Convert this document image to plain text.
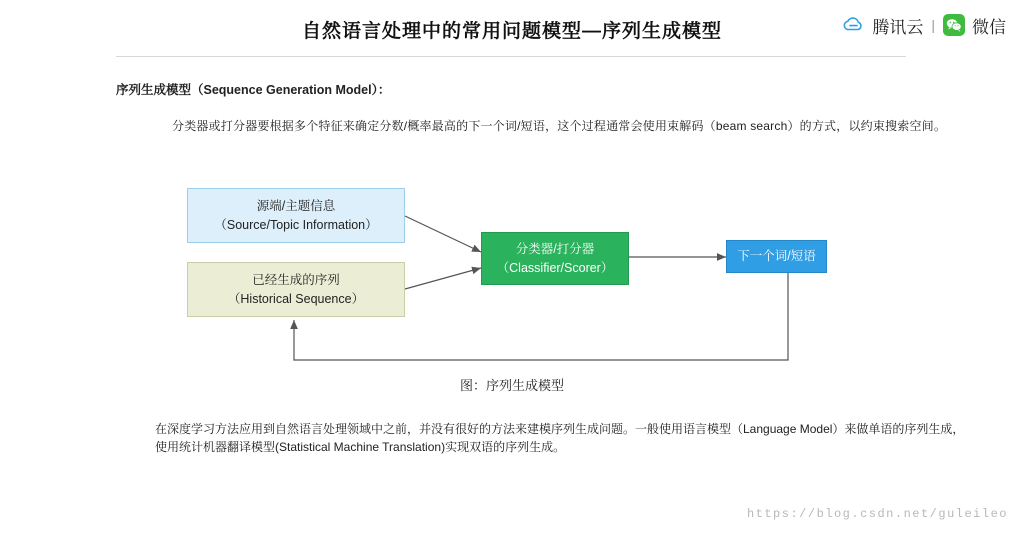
自然语言处理中的常用问题模型—序列生成模型	腾讯云 | 微信
序列生成模型（Sequence Generation Model）：
分类器或打分器要根据多个特征来确定分数/概率最高的下一个词/短语，这个过程通常会使用束解码（beam search）的方式，以约束搜索空间。
源端/主题信息
（Source/Topic Information）
已经生成的序列
（Historical Sequence）
分类器/打分器
（Classifier/Scorer）
下一个词/短语
图：序列生成模型
在深度学习方法应用到自然语言处理领域中之前，并没有很好的方法来建模序列生成问题。一般使用语言模型（Language Model）来做单语的序列生成，
使用统计机器翻译模型(Statistical Machine Translation)实现双语的序列生成。
https://blog.csdn.net/guleileo
